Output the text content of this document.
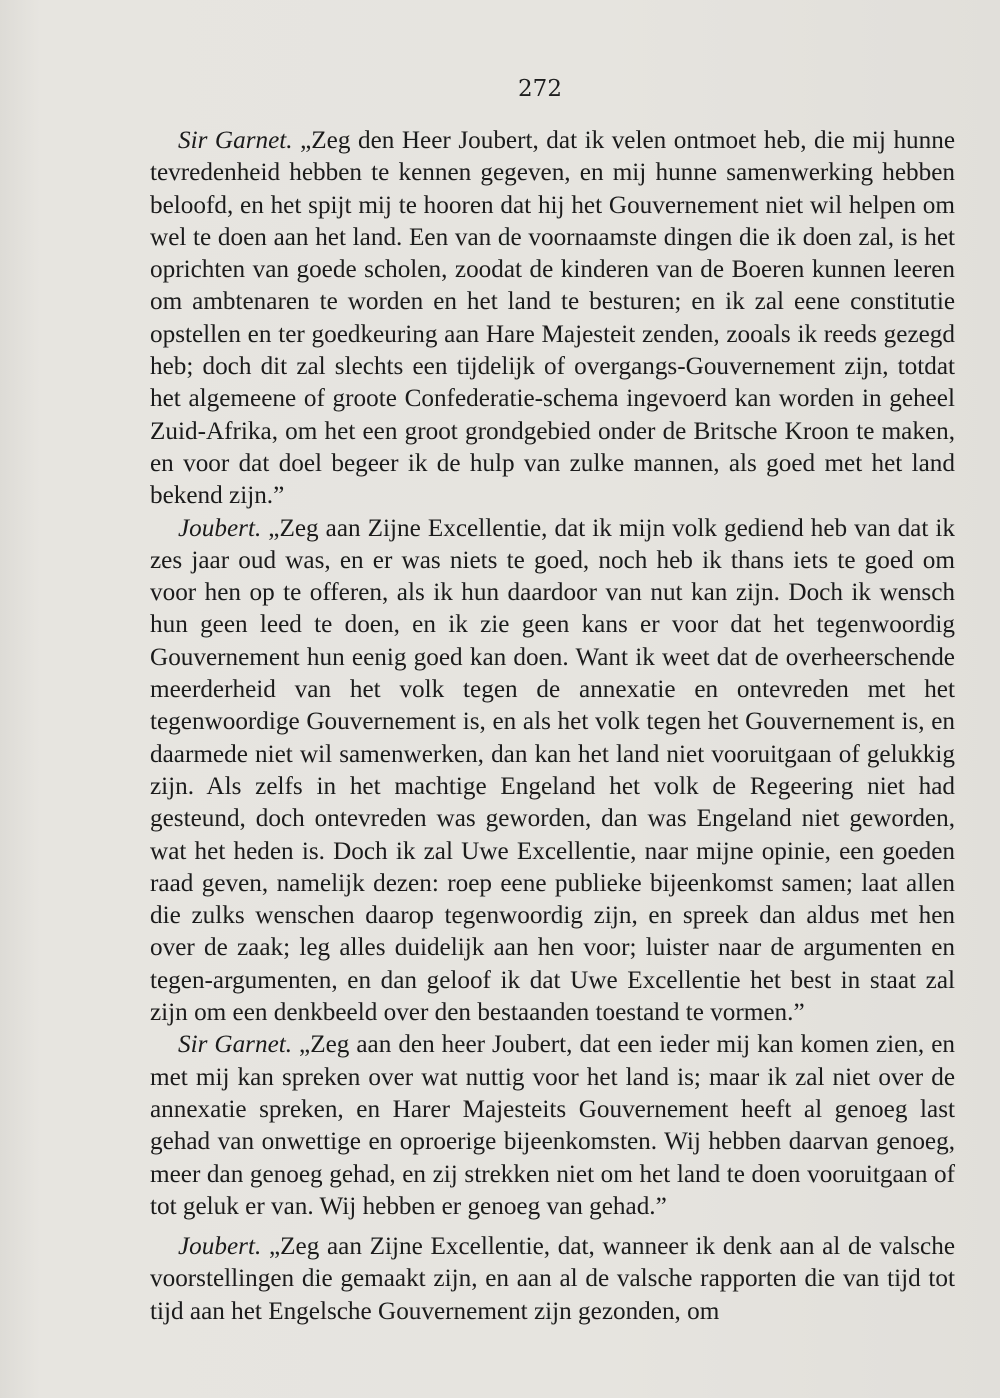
272

Sir Garnet. „Zeg den Heer Joubert, dat ik velen ontmoet heb, die mij hunne tevredenheid hebben te kennen gegeven, en mij hunne samenwerking hebben beloofd, en het spijt mij te hooren dat hij het Gouvernement niet wil helpen om wel te doen aan het land. Een van de voornaamste dingen die ik doen zal, is het oprichten van goede scholen, zoodat de kinderen van de Boeren kunnen leeren om ambtenaren te worden en het land te besturen; en ik zal eene constitutie opstellen en ter goedkeuring aan Hare Majesteit zenden, zooals ik reeds gezegd heb; doch dit zal slechts een tijdelijk of overgangs-Gouvernement zijn, totdat het algemeene of groote Confederatie-schema ingevoerd kan worden in geheel Zuid-Afrika, om het een groot grondgebied onder de Britsche Kroon te maken, en voor dat doel begeer ik de hulp van zulke mannen, als goed met het land bekend zijn.”

Joubert. „Zeg aan Zijne Excellentie, dat ik mijn volk gediend heb van dat ik zes jaar oud was, en er was niets te goed, noch heb ik thans iets te goed om voor hen op te offeren, als ik hun daardoor van nut kan zijn. Doch ik wensch hun geen leed te doen, en ik zie geen kans er voor dat het tegenwoordig Gouvernement hun eenig goed kan doen. Want ik weet dat de overheerschende meerderheid van het volk tegen de annexatie en ontevreden met het tegenwoordige Gouvernement is, en als het volk tegen het Gouvernement is, en daarmede niet wil samenwerken, dan kan het land niet vooruitgaan of gelukkig zijn. Als zelfs in het machtige Engeland het volk de Regeering niet had gesteund, doch ontevreden was geworden, dan was Engeland niet geworden, wat het heden is. Doch ik zal Uwe Excellentie, naar mijne opinie, een goeden raad geven, namelijk dezen: roep eene publieke bijeenkomst samen; laat allen die zulks wenschen daarop tegenwoordig zijn, en spreek dan aldus met hen over de zaak; leg alles duidelijk aan hen voor; luister naar de argumenten en tegen-argumenten, en dan geloof ik dat Uwe Excellentie het best in staat zal zijn om een denkbeeld over den bestaanden toestand te vormen.”

Sir Garnet. „Zeg aan den heer Joubert, dat een ieder mij kan komen zien, en met mij kan spreken over wat nuttig voor het land is; maar ik zal niet over de annexatie spreken, en Harer Majesteits Gouvernement heeft al genoeg last gehad van onwettige en oproerige bijeenkomsten. Wij hebben daarvan genoeg, meer dan genoeg gehad, en zij strekken niet om het land te doen vooruitgaan of tot geluk er van. Wij hebben er genoeg van gehad.”

Joubert. „Zeg aan Zijne Excellentie, dat, wanneer ik denk aan al de valsche voorstellingen die gemaakt zijn, en aan al de valsche rapporten die van tijd tot tijd aan het Engelsche Gouvernement zijn gezonden, om
